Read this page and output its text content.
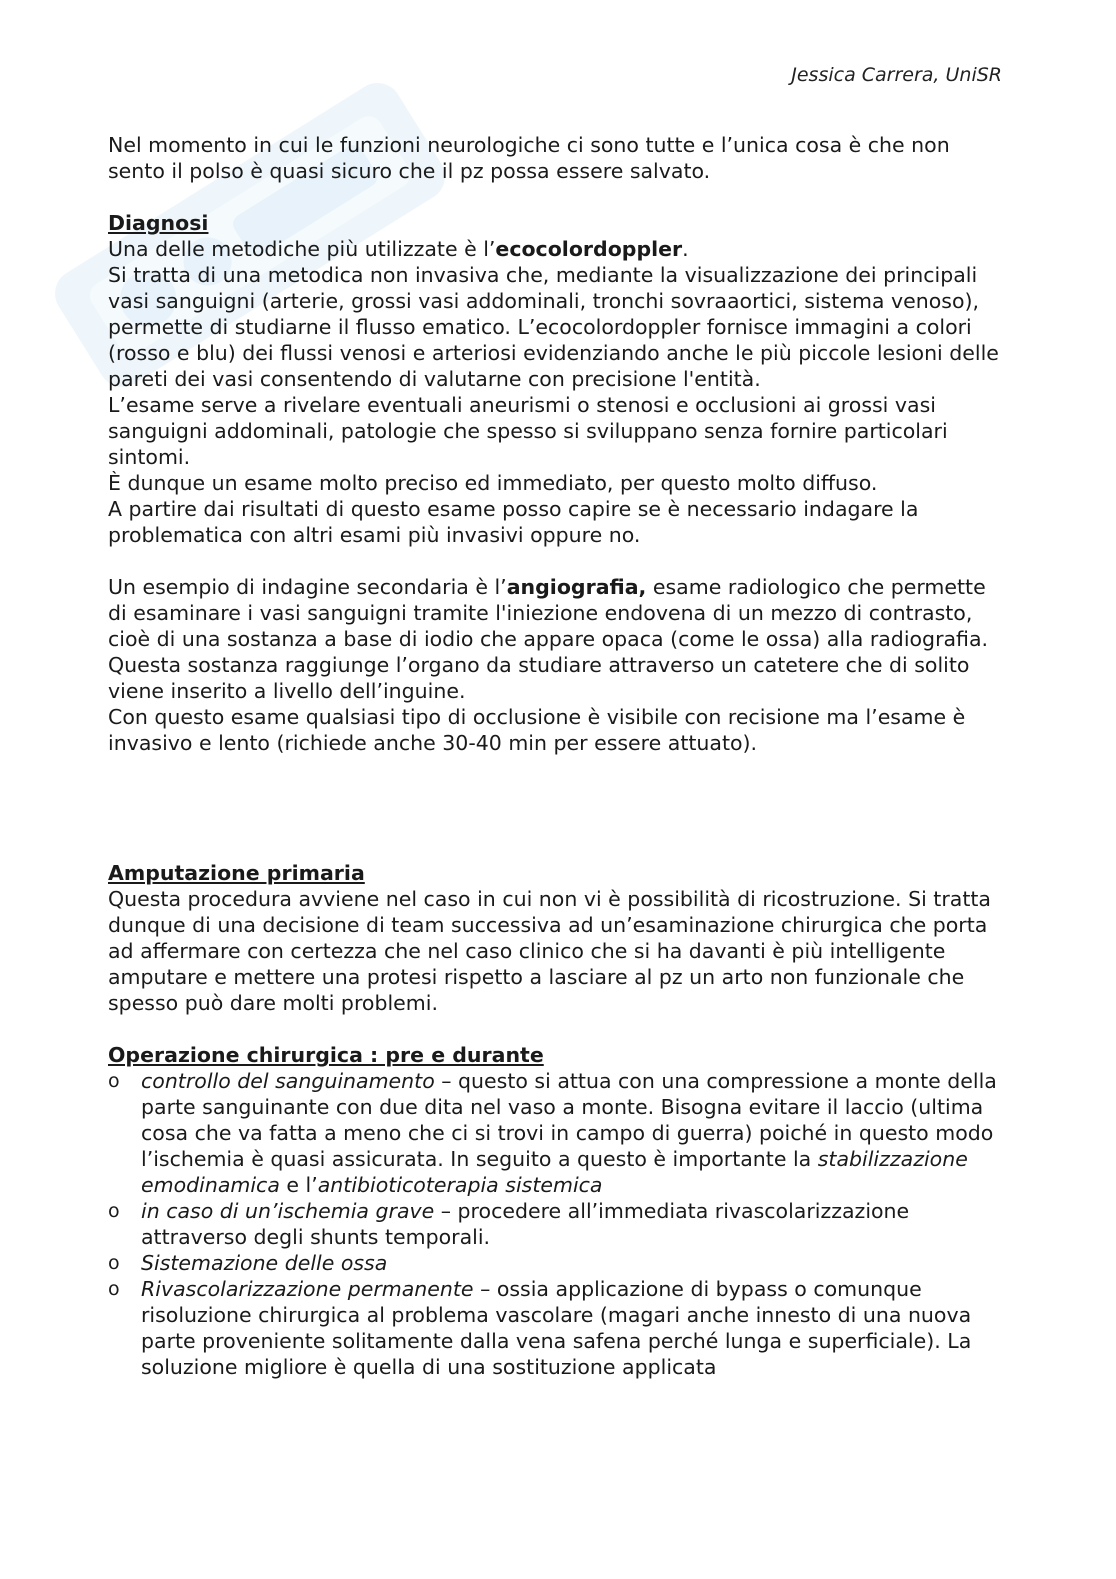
Jessica Carrera, UniSR

Nel momento in cui le funzioni neurologiche ci sono tutte e l’unica cosa è che non sento il polso è quasi sicuro che il pz possa essere salvato.

Diagnosi

Una delle metodiche più utilizzate è l’ecocolordoppler.

Si tratta di una metodica non invasiva che, mediante la visualizzazione dei principali vasi sanguigni (arterie, grossi vasi addominali, tronchi sovraaortici, sistema venoso), permette di studiarne il flusso ematico. L’ecocolordoppler fornisce immagini a colori (rosso e blu) dei flussi venosi e arteriosi evidenziando anche le più piccole lesioni delle pareti dei vasi consentendo di valutarne con precisione l'entità.

L’esame serve a rivelare eventuali aneurismi o stenosi e occlusioni ai grossi vasi sanguigni addominali, patologie che spesso si sviluppano senza fornire particolari sintomi.

È dunque un esame molto preciso ed immediato, per questo molto diffuso.

A partire dai risultati di questo esame posso capire se è necessario indagare la problematica con altri esami più invasivi oppure no.

Un esempio di indagine secondaria è l’angiografia, esame radiologico che permette di esaminare i vasi sanguigni tramite l'iniezione endovena di un mezzo di contrasto, cioè di una sostanza a base di iodio che appare opaca (come le ossa) alla radiografia. Questa sostanza raggiunge l’organo da studiare attraverso un catetere che di solito viene inserito a livello dell’inguine.

Con questo esame qualsiasi tipo di occlusione è visibile con recisione ma l’esame è invasivo e lento (richiede anche 30-40 min per essere attuato).

Amputazione primaria

Questa procedura avviene nel caso in cui non vi è possibilità di ricostruzione. Si tratta dunque di una decisione di team successiva ad un’esaminazione chirurgica che porta ad affermare con certezza che nel caso clinico che si ha davanti è più intelligente amputare e mettere una protesi rispetto a lasciare al pz un arto non funzionale che spesso può dare molti problemi.

Operazione chirurgica : pre e durante
o controllo del sanguinamento – questo si attua con una compressione a monte della parte sanguinante con due dita nel vaso a monte. Bisogna evitare il laccio (ultima cosa che va fatta a meno che ci si trovi in campo di guerra) poiché in questo modo l’ischemia è quasi assicurata. In seguito a questo è importante la stabilizzazione emodinamica e l’antibioticoterapia sistemica
o in caso di un’ischemia grave – procedere all’immediata rivascolarizzazione attraverso degli shunts temporali.
o Sistemazione delle ossa
o Rivascolarizzazione permanente – ossia applicazione di bypass o comunque risoluzione chirurgica al problema vascolare (magari anche innesto di una nuova parte proveniente solitamente dalla vena safena perché lunga e superficiale). La soluzione migliore è quella di una sostituzione applicata
